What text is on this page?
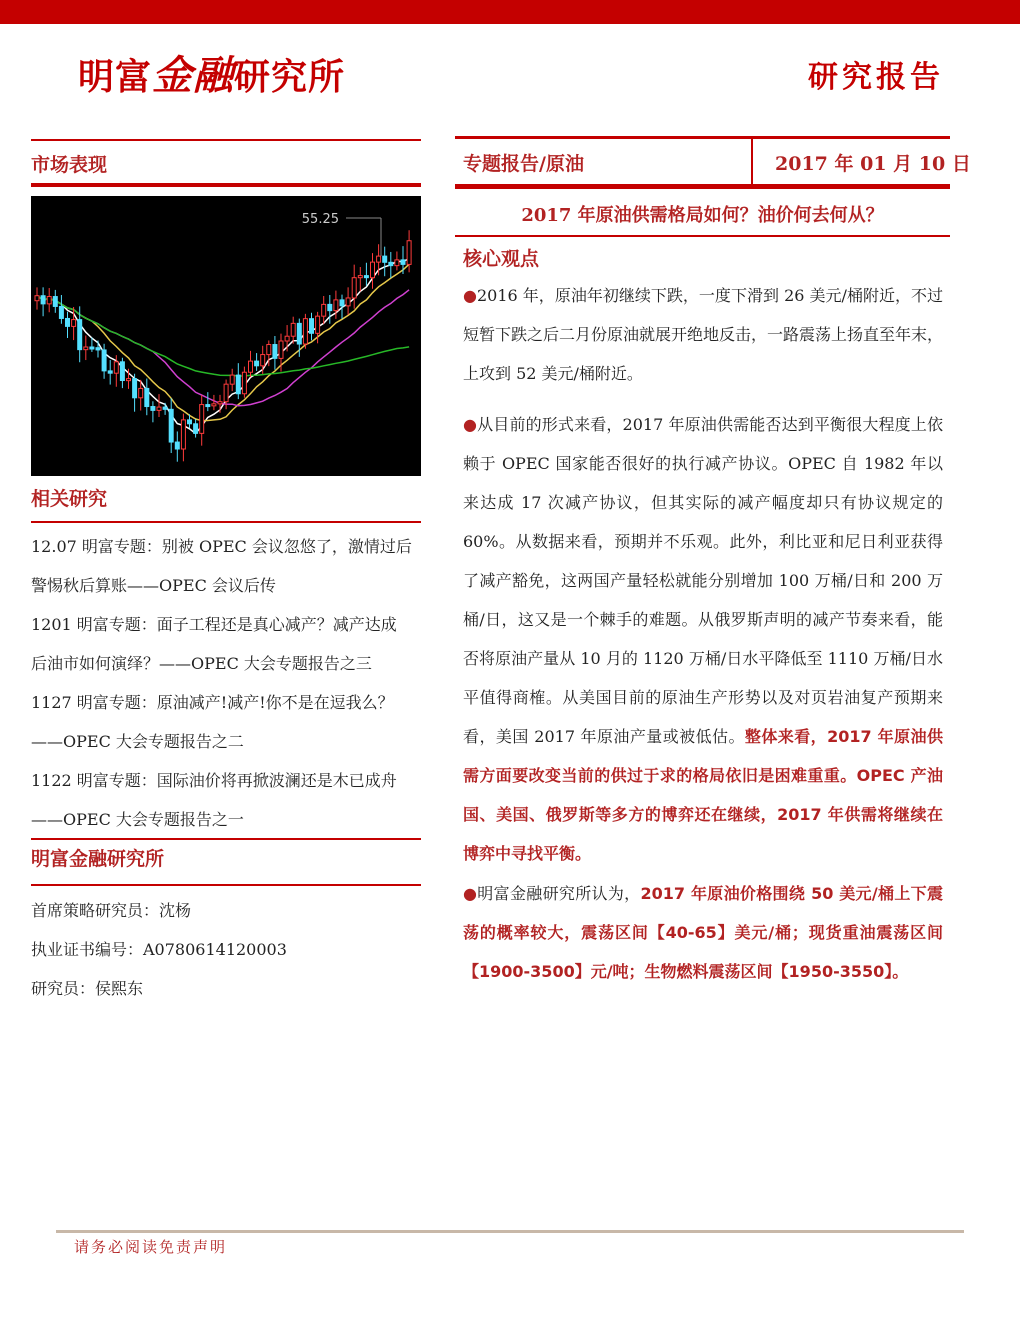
明富金融研究所	研究报告
市场表现
55.25
相关研究
12.07 明富专题：别被 OPEC 会议忽悠了，激情过后
警惕秋后算账——OPEC 会议后传
1201 明富专题：面子工程还是真心减产？减产达成
后油市如何演绎？——OPEC 大会专题报告之三
1127 明富专题：原油减产!减产!你不是在逗我么？
——OPEC 大会专题报告之二
1122 明富专题：国际油价将再掀波澜还是木已成舟
——OPEC 大会专题报告之一
明富金融研究所
首席策略研究员：沈杨
执业证书编号：A0780614120003
研究员：侯熙东
专题报告/原油	2017 年 01 月 10 日
2017 年原油供需格局如何？油价何去何从？
核心观点
●2016 年，原油年初继续下跌，一度下滑到 26 美元/桶附近，不过短暂下跌之后二月份原油就展开绝地反击，一路震荡上扬直至年末，上攻到 52 美元/桶附近。
●从目前的形式来看，2017 年原油供需能否达到平衡很大程度上依赖于 OPEC 国家能否很好的执行减产协议。OPEC 自 1982 年以来达成 17 次减产协议，但其实际的减产幅度却只有协议规定的 60%。从数据来看，预期并不乐观。此外，利比亚和尼日利亚获得了减产豁免，这两国产量轻松就能分别增加 100 万桶/日和 200 万桶/日，这又是一个棘手的难题。从俄罗斯声明的减产节奏来看，能否将原油产量从 10 月的 1120 万桶/日水平降低至 1110 万桶/日水平值得商榷。从美国目前的原油生产形势以及对页岩油复产预期来看，美国 2017 年原油产量或被低估。整体来看，2017 年原油供需方面要改变当前的供过于求的格局依旧是困难重重。OPEC 产油国、美国、俄罗斯等多方的博弈还在继续，2017 年供需将继续在博弈中寻找平衡。
●明富金融研究所认为，2017 年原油价格围绕 50 美元/桶上下震荡的概率较大，震荡区间【40-65】美元/桶；现货重油震荡区间【1900-3500】元/吨；生物燃料震荡区间【1950-3550】。
请务必阅读免责声明
